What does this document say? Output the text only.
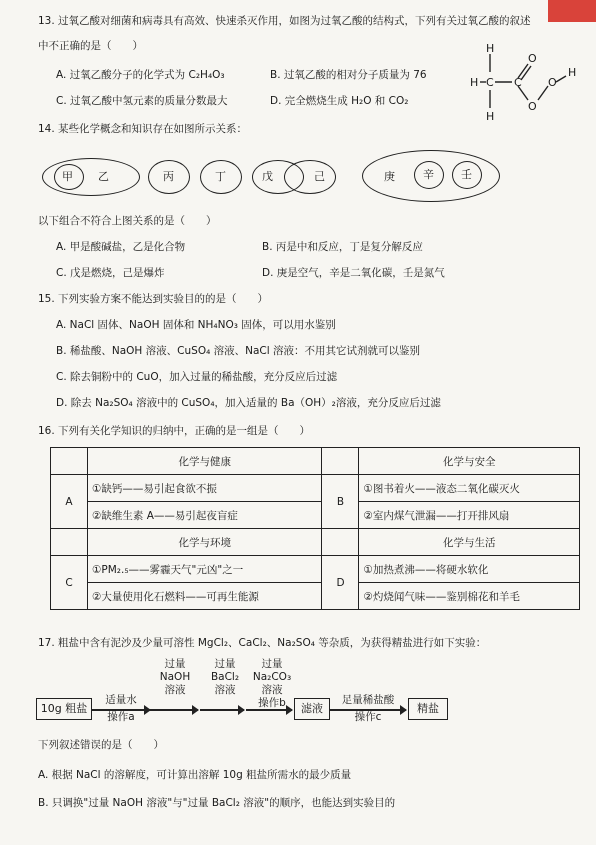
13. 过氧乙酸对细菌和病毒具有高效、快速杀灭作用，如图为过氧乙酸的结构式，下列有关过氧乙酸的叙述
中不正确的是（　　）
A. 过氧乙酸分子的化学式为 C₂H₄O₃	B. 过氧乙酸的相对分子质量为 76
C. 过氧乙酸中氢元素的质量分数最大	D. 完全燃烧生成 H₂O 和 CO₂
H
H C
H
C
O
O
O
H
14. 某些化学概念和知识存在如图所示关系：
甲 乙	丙	丁	戊	己	庚	辛 壬
以下组合不符合上图关系的是（　　）
A. 甲是酸碱盐，乙是化合物	B. 丙是中和反应，丁是复分解反应
C. 戊是燃烧，己是爆炸	D. 庚是空气，辛是二氧化碳，壬是氮气
15. 下列实验方案不能达到实验目的的是（　　）
A. NaCl 固体、NaOH 固体和 NH₄NO₃ 固体，可以用水鉴别
B. 稀盐酸、NaOH 溶液、CuSO₄ 溶液、NaCl 溶液：不用其它试剂就可以鉴别
C. 除去铜粉中的 CuO，加入过量的稀盐酸，充分反应后过滤
D. 除去 Na₂SO₄ 溶液中的 CuSO₄，加入适量的 Ba（OH）₂溶液，充分反应后过滤
16. 下列有关化学知识的归纳中，正确的是一组是（　　）
	化学与健康		化学与安全
A	①缺钙——易引起食欲不振	B	①图书着火——液态二氧化碳灭火
	②缺维生素 A——易引起夜盲症		②室内煤气泄漏——打开排风扇
	化学与环境		化学与生活
C	①PM₂.₅——雾霾天气"元凶"之一	D	①加热煮沸——将硬水软化
	②大量使用化石燃料——可再生能源		②灼烧闻气味——鉴别棉花和羊毛
17. 粗盐中含有泥沙及少量可溶性 MgCl₂、CaCl₂、Na₂SO₄ 等杂质，为获得精盐进行如下实验：
过量
NaOH
溶液
过量
BaCl₂
溶液
过量
Na₂CO₃
溶液
操作b
10g 粗盐
适量水
操作a
滤液
足量稀盐酸
操作c
精盐
下列叙述错误的是（　　）
A. 根据 NaCl 的溶解度，可计算出溶解 10g 粗盐所需水的最少质量
B. 只调换"过量 NaOH 溶液"与"过量 BaCl₂ 溶液"的顺序，也能达到实验目的
